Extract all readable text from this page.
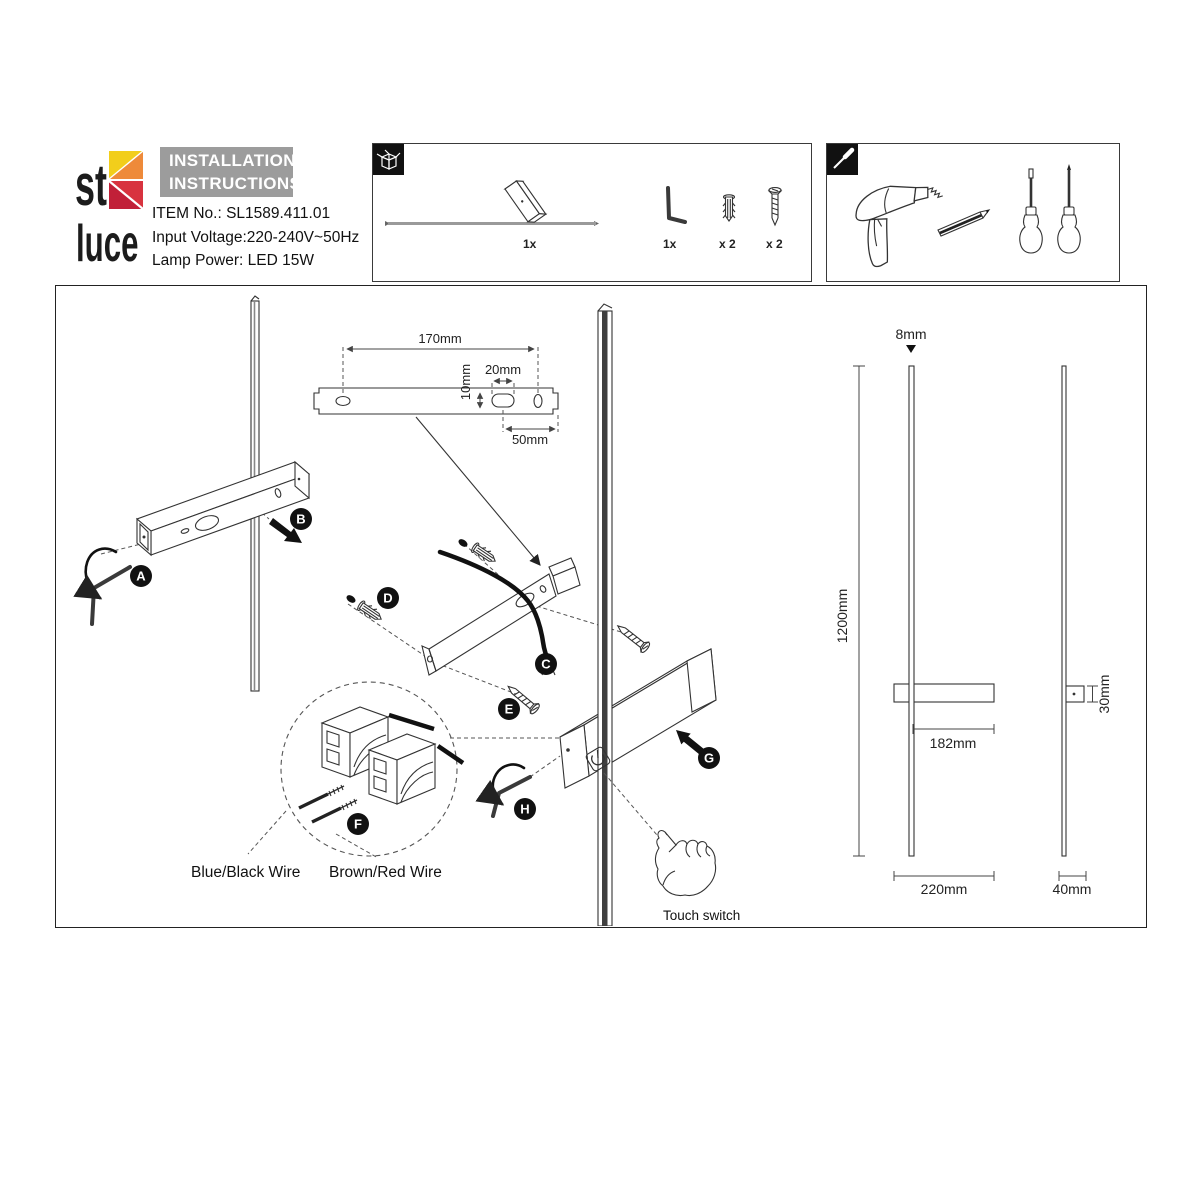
st
luce
INSTALLATION
INSTRUCTIONS
ITEM No.: SL1589.411.01
Input Voltage:220-240V~50Hz
Lamp Power: LED 15W
1x	1x	x 2	x 2
A
B
170mm
10mm 20mm
50mm
D
C
E
F
Blue/Black Wire Brown/Red Wire
G
H
Touch switch
1200mm
8mm
182mm
220mm
30mm
40mm
